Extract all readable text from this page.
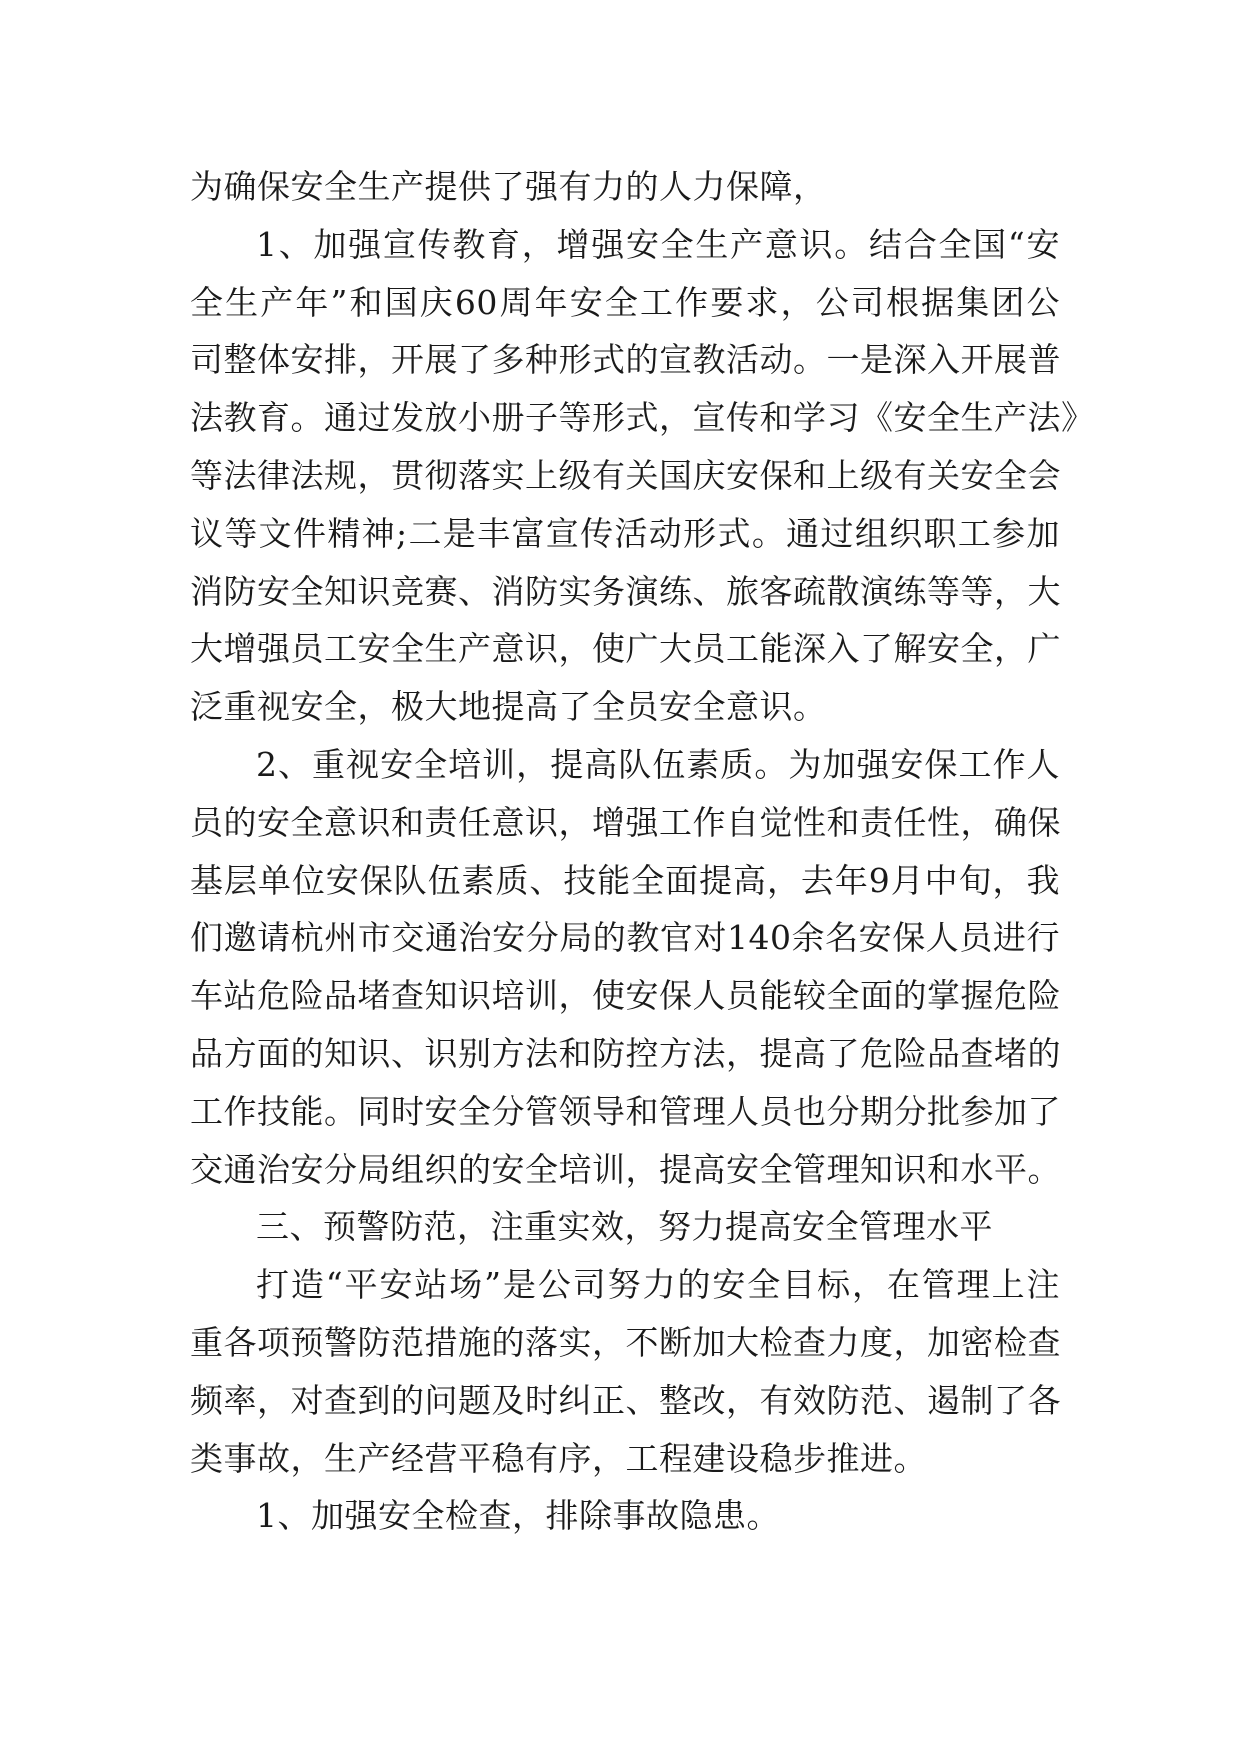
为确保安全生产提供了强有力的人力保障，
1、加强宣传教育，增强安全生产意识。结合全国“安
全生产年”和国庆60周年安全工作要求，公司根据集团公
司整体安排，开展了多种形式的宣教活动。一是深入开展普
法教育。通过发放小册子等形式，宣传和学习《安全生产法》
等法律法规，贯彻落实上级有关国庆安保和上级有关安全会
议等文件精神;二是丰富宣传活动形式。通过组织职工参加
消防安全知识竞赛、消防实务演练、旅客疏散演练等等，大
大增强员工安全生产意识，使广大员工能深入了解安全，广
泛重视安全，极大地提高了全员安全意识。
2、重视安全培训，提高队伍素质。为加强安保工作人
员的安全意识和责任意识，增强工作自觉性和责任性，确保
基层单位安保队伍素质、技能全面提高，去年9月中旬，我
们邀请杭州市交通治安分局的教官对140余名安保人员进行
车站危险品堵查知识培训，使安保人员能较全面的掌握危险
品方面的知识、识别方法和防控方法，提高了危险品查堵的
工作技能。同时安全分管领导和管理人员也分期分批参加了
交通治安分局组织的安全培训，提高安全管理知识和水平。
三、预警防范，注重实效，努力提高安全管理水平
打造“平安站场”是公司努力的安全目标，在管理上注
重各项预警防范措施的落实，不断加大检查力度，加密检查
频率，对查到的问题及时纠正、整改，有效防范、遏制了各
类事故，生产经营平稳有序，工程建设稳步推进。
1、加强安全检查，排除事故隐患。
